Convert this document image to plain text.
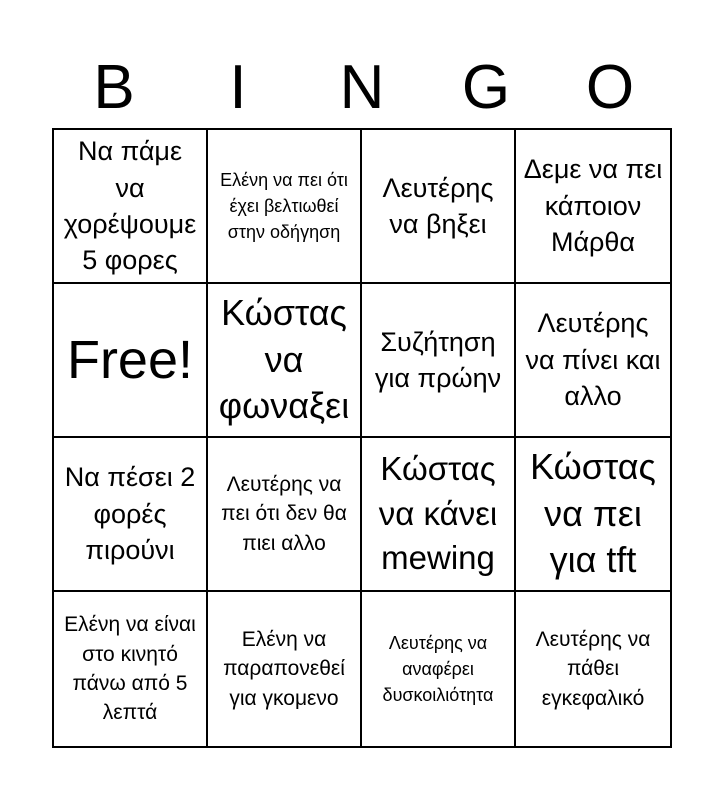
B	I	N	G	O
Να πάμε να χορέψουμε 5 φορες
Ελένη να πει ότι έχει βελτιωθεί στην οδήγηση
Λευτέρης να βηξει
Δεμε να πει κάποιον Μάρθα
Free!
Κώστας να φωναξει
Συζήτηση για πρώην
Λευτέρης να πίνει και αλλο
Να πέσει 2 φορές πιρούνι
Λευτέρης να πει ότι δεν θα πιει αλλο
Κώστας να κάνει mewing
Κώστας να πει για tft
Ελένη να είναι στο κινητό πάνω από 5 λεπτά
Ελένη να παραπονεθεί για γκομενο
Λευτέρης να αναφέρει δυσκοιλιότητα
Λευτέρης να πάθει εγκεφαλικό
